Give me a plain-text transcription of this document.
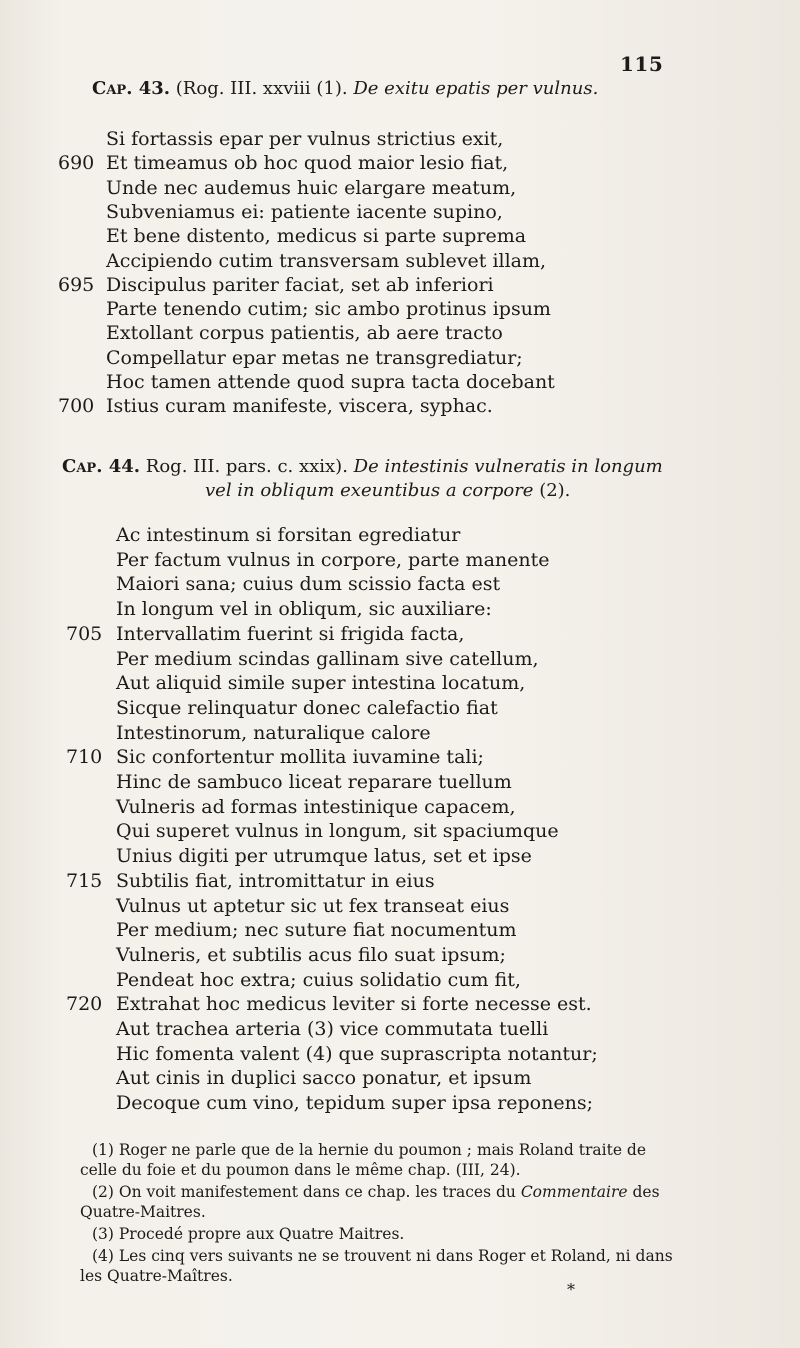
115
Cap. 43. (Rog. III. xxviii (1). De exitu epatis per vulnus.
Si fortassis epar per vulnus strictius exit,
Et timeamus ob hoc quod maior lesio fiat,
690
Unde nec audemus huic elargare meatum,
Subveniamus ei: patiente iacente supino,
Et bene distento, medicus si parte suprema
Accipiendo cutim transversam sublevet illam,
Discipulus pariter faciat, set ab inferiori
695
Parte tenendo cutim; sic ambo protinus ipsum
Extollant corpus patientis, ab aere tracto
Compellatur epar metas ne transgrediatur;
Hoc tamen attende quod supra tacta docebant
Istius curam manifeste, viscera, syphac.
700
Cap. 44. Rog. III. pars. c. xxix). De intestinis vulneratis in longum
vel in obliqum exeuntibus a corpore (2).
Ac intestinum si forsitan egrediatur
Per factum vulnus in corpore, parte manente
Maiori sana; cuius dum scissio facta est
In longum vel in obliqum, sic auxiliare:
Intervallatim fuerint si frigida facta,
705
Per medium scindas gallinam sive catellum,
Aut aliquid simile super intestina locatum,
Sicque relinquatur donec calefactio fiat
Intestinorum, naturalique calore
Sic confortentur mollita iuvamine tali;
710
Hinc de sambuco liceat reparare tuellum
Vulneris ad formas intestinique capacem,
Qui superet vulnus in longum, sit spaciumque
Unius digiti per utrumque latus, set et ipse
Subtilis fiat, intromittatur in eius
715
Vulnus ut aptetur sic ut fex transeat eius
Per medium; nec suture fiat nocumentum
Vulneris, et subtilis acus filo suat ipsum;
Pendeat hoc extra; cuius solidatio cum fit,
Extrahat hoc medicus leviter si forte necesse est.
720
Aut trachea arteria (3) vice commutata tuelli
Hic fomenta valent (4) que suprascripta notantur;
Aut cinis in duplici sacco ponatur, et ipsum
Decoque cum vino, tepidum super ipsa reponens;
(1) Roger ne parle que de la hernie du poumon ; mais Roland traite de
celle du foie et du poumon dans le même chap. (III, 24).
(2) On voit manifestement dans ce chap. les traces du Commentaire des
Quatre-Maitres.
(3) Procedé propre aux Quatre Maitres.
(4) Les cinq vers suivants ne se trouvent ni dans Roger et Roland, ni dans
les Quatre-Maîtres.
*
